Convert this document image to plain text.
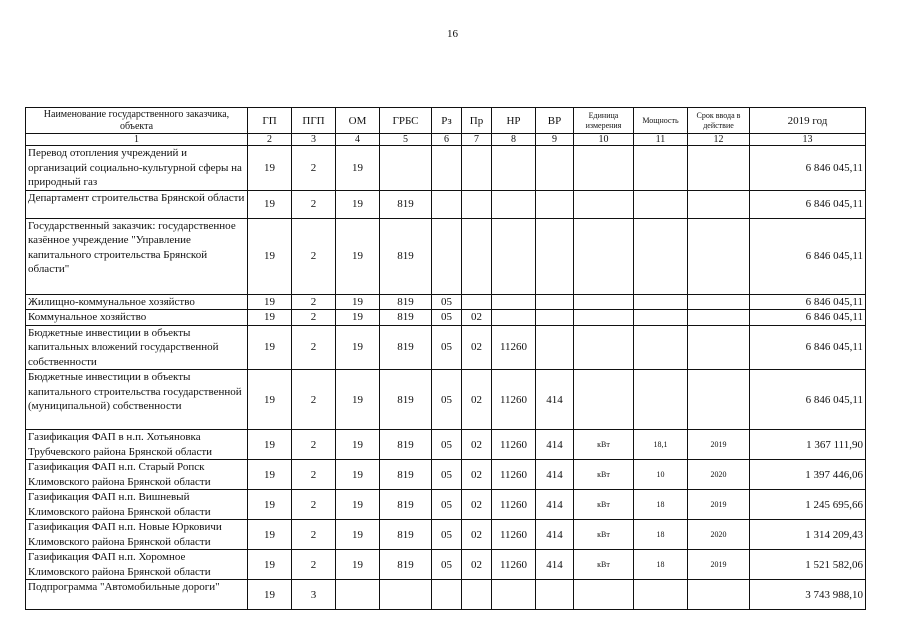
16
Наименование государственного заказчика, объекта	ГП	ПГП	ОМ	ГРБС	Рз	Пр	НР	ВР	Единица измерения	Мощность	Срок ввода в действие	2019 год
1	2	3	4	5	6	7	8	9	10	11	12	13
Перевод отопления учреждений и организаций социально-культурной сферы на природный газ	19	2	19									6 846 045,11
Департамент строительства Брянской области	19	2	19	819								6 846 045,11
Государственный заказчик: государственное казённое учреждение "Управление капитального строительства Брянской области"	19	2	19	819								6 846 045,11
Жилищно-коммунальное хозяйство	19	2	19	819	05							6 846 045,11
Коммунальное хозяйство	19	2	19	819	05	02						6 846 045,11
Бюджетные инвестиции в объекты капитальных вложений государственной собственности	19	2	19	819	05	02	11260					6 846 045,11
Бюджетные инвестиции в объекты капитального строительства государственной (муниципальной) собственности	19	2	19	819	05	02	11260	414				6 846 045,11
Газификация ФАП в н.п. Хотьяновка Трубчевского района Брянской области	19	2	19	819	05	02	11260	414	кВт	18,1	2019	1 367 111,90
Газификация ФАП н.п. Старый Ропск Климовского района Брянской области	19	2	19	819	05	02	11260	414	кВт	10	2020	1 397 446,06
Газификация ФАП н.п. Вишневый Климовского района Брянской области	19	2	19	819	05	02	11260	414	кВт	18	2019	1 245 695,66
Газификация ФАП н.п. Новые Юрковичи Климовского района Брянской области	19	2	19	819	05	02	11260	414	кВт	18	2020	1 314 209,43
Газификация ФАП н.п. Хоромное Климовского района Брянской области	19	2	19	819	05	02	11260	414	кВт	18	2019	1 521 582,06
Подпрограмма "Автомобильные дороги"	19	3										3 743 988,10
